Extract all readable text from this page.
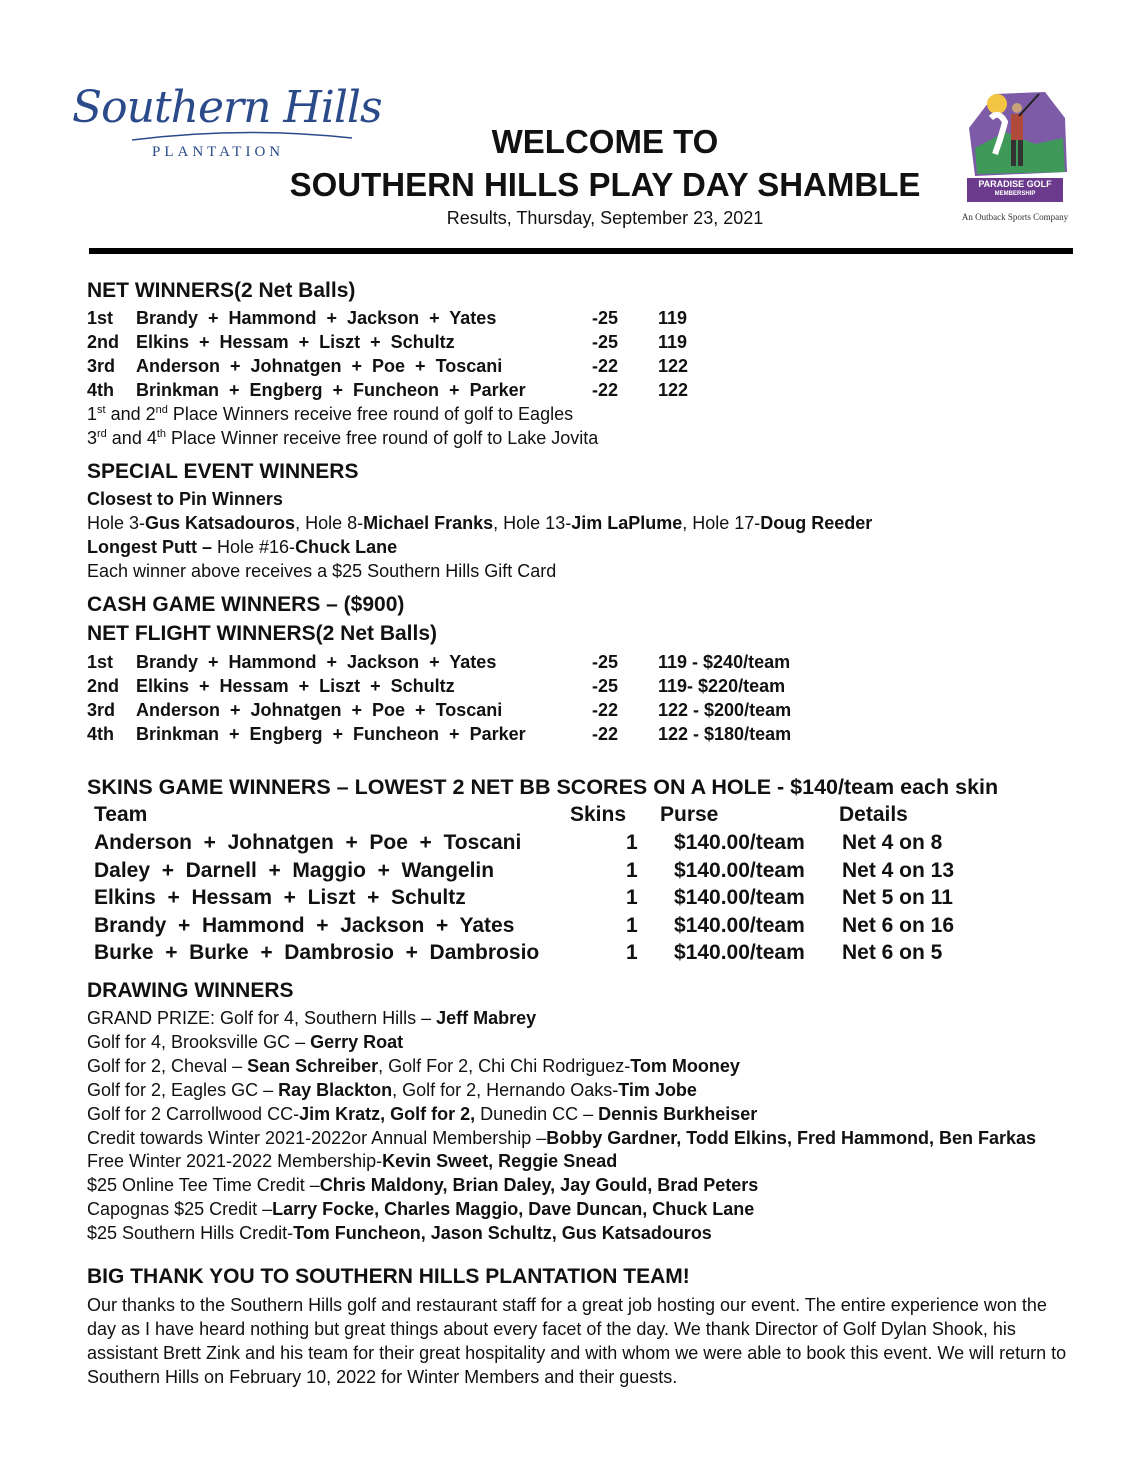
Southern Hills
PLANTATION	WELCOME TO
SOUTHERN HILLS PLAY DAY SHAMBLE
Results, Thursday, September 23, 2021
PARADISE GOLF
MEMBERSHIP
An Outback Sports Company
NET WINNERS(2 Net Balls)
1st Brandy  +  Hammond  +  Jackson  +  Yates	-25 119
2nd Elkins  +  Hessam  +  Liszt  +  Schultz	-25 119
3rd Anderson  +  Johnatgen  +  Poe  +  Toscani	-22 122
4th Brinkman  +  Engberg  +  Funcheon  +  Parker	-22 122
1st and 2nd Place Winners receive free round of golf to Eagles
3rd and 4th Place Winner receive free round of golf to Lake Jovita
SPECIAL EVENT WINNERS
Closest to Pin Winners
Hole 3-Gus Katsadouros, Hole 8-Michael Franks, Hole 13-Jim LaPlume, Hole 17-Doug Reeder
Longest Putt – Hole #16-Chuck Lane
Each winner above receives a $25 Southern Hills Gift Card
CASH GAME WINNERS – ($900)
NET FLIGHT WINNERS(2 Net Balls)
1st Brandy  +  Hammond  +  Jackson  +  Yates	-25 119 - $240/team
2nd Elkins  +  Hessam  +  Liszt  +  Schultz	-25 119- $220/team
3rd Anderson  +  Johnatgen  +  Poe  +  Toscani	-22 122 - $200/team
4th Brinkman  +  Engberg  +  Funcheon  +  Parker	-22 122 - $180/team
SKINS GAME WINNERS – LOWEST 2 NET BB SCORES ON A HOLE - $140/team each skin
Team	Skins Purse	Details
Anderson  +  Johnatgen  +  Poe  +  Toscani	1 $140.00/team Net 4 on 8
Daley  +  Darnell  +  Maggio  +  Wangelin	1 $140.00/team Net 4 on 13
Elkins  +  Hessam  +  Liszt  +  Schultz	1 $140.00/team Net 5 on 11
Brandy  +  Hammond  +  Jackson  +  Yates	1 $140.00/team Net 6 on 16
Burke  +  Burke  +  Dambrosio  +  Dambrosio	1 $140.00/team Net 6 on 5
DRAWING WINNERS
GRAND PRIZE: Golf for 4, Southern Hills – Jeff Mabrey
Golf for 4, Brooksville GC – Gerry Roat
Golf for 2, Cheval – Sean Schreiber, Golf For 2, Chi Chi Rodriguez-Tom Mooney
Golf for 2, Eagles GC – Ray Blackton, Golf for 2, Hernando Oaks-Tim Jobe
Golf for 2 Carrollwood CC-Jim Kratz, Golf for 2, Dunedin CC – Dennis Burkheiser
Credit towards Winter 2021-2022or Annual Membership –Bobby Gardner, Todd Elkins, Fred Hammond, Ben Farkas
Free Winter 2021-2022 Membership-Kevin Sweet, Reggie Snead
$25 Online Tee Time Credit –Chris Maldony, Brian Daley, Jay Gould, Brad Peters
Capognas $25 Credit –Larry Focke, Charles Maggio, Dave Duncan, Chuck Lane
$25 Southern Hills Credit-Tom Funcheon, Jason Schultz, Gus Katsadouros
BIG THANK YOU TO SOUTHERN HILLS PLANTATION TEAM!
Our thanks to the Southern Hills golf and restaurant staff for a great job hosting our event. The entire experience won the day as I have heard nothing but great things about every facet of the day. We thank Director of Golf Dylan Shook, his assistant Brett Zink and his team for their great hospitality and with whom we were able to book this event. We will return to Southern Hills on February 10, 2022 for Winter Members and their guests.
